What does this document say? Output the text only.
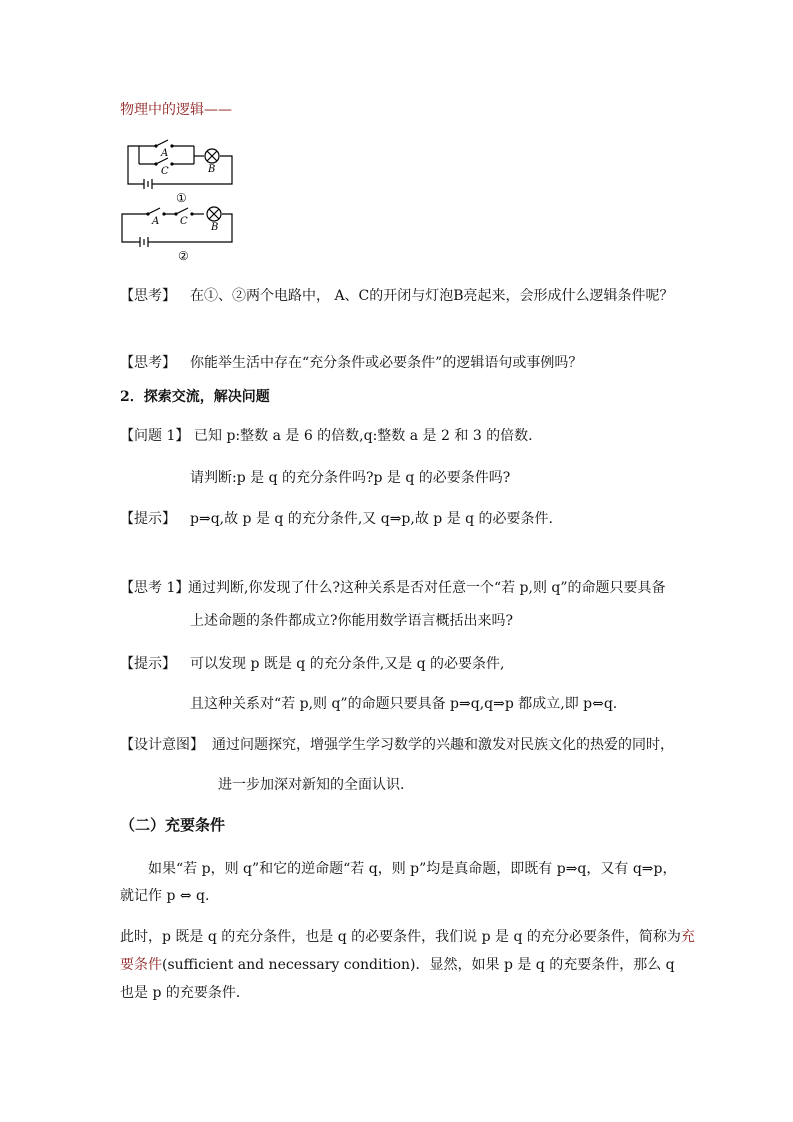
物理中的逻辑——
A
C	B
①
A C
B
②
【思考】 在①、②两个电路中， A、C的开闭与灯泡B亮起来，会形成什么逻辑条件呢？
【思考】 你能举生活中存在“充分条件或必要条件”的逻辑语句或事例吗？
2．探索交流，解决问题
【问题 1】 已知 p:整数 a 是 6 的倍数,q:整数 a 是 2 和 3 的倍数.
请判断:p 是 q 的充分条件吗?p 是 q 的必要条件吗?
【提示】 p⇒q,故 p 是 q 的充分条件,又 q⇒p,故 p 是 q 的必要条件.
【思考 1】
通过判断,你发现了什么?这种关系是否对任意一个“若 p,则 q”的命题只要具备
上述命题的条件都成立?你能用数学语言概括出来吗?
【提示】 可以发现 p 既是 q 的充分条件,又是 q 的必要条件,
且这种关系对“若 p,则 q”的命题只要具备 p⇒q,q⇒p 都成立,即 p⇔q.
【设计意图】 通过问题探究，增强学生学习数学的兴趣和激发对民族文化的热爱的同时，
进一步加深对新知的全面认识.
（二）充要条件
如果“若 p，则 q”和它的逆命题“若 q，则 p”均是真命题，即既有 p⇒q，又有 q⇒p，
就记作 p ⇔ q.
此时，p 既是 q 的充分条件，也是 q 的必要条件，我们说 p 是 q 的充分必要条件，简称为充
要条件(sufficient and necessary condition)．显然，如果 p 是 q 的充要条件，那么 q
也是 p 的充要条件．
